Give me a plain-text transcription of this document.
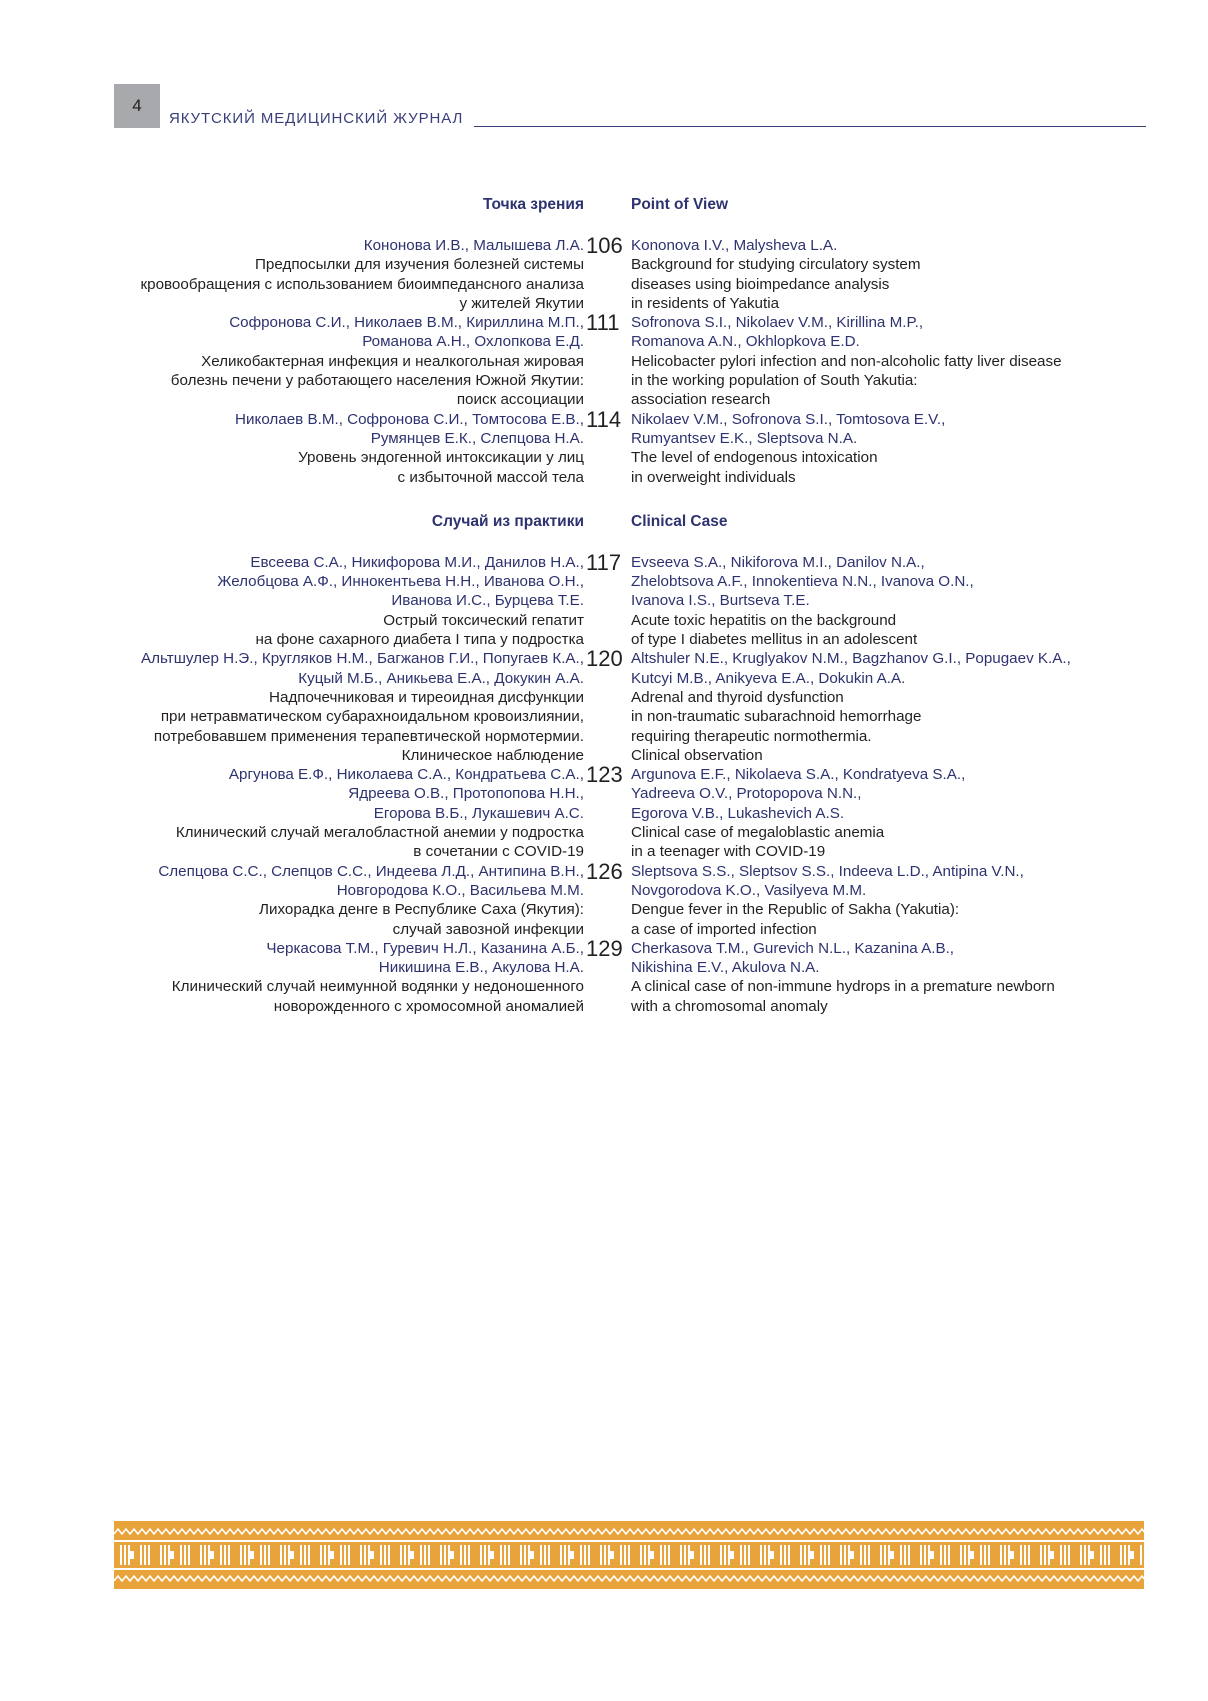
4
ЯКУТСКИЙ МЕДИЦИНСКИЙ ЖУРНАЛ
Точка зрения	Point of View
Кононова И.В., Малышева Л.А.
Предпосылки для изучения болезней системы
кровообращения с использованием биоимпедансного анализа
у жителей Якутии
106 Kononova I.V., Malysheva L.A.
Background for studying circulatory system
diseases using bioimpedance analysis
in residents of Yakutia
Софронова С.И., Николаев В.М., Кириллина М.П.,
Романова А.Н., Охлопкова Е.Д.
Хеликобактерная инфекция и неалкогольная жировая
болезнь печени у работающего населения Южной Якутии:
поиск ассоциации
111 Sofronova S.I., Nikolaev V.M., Kirillina M.P.,
Romanova A.N., Okhlopkova E.D.
Helicobacter pylori infection and non-alcoholic fatty liver disease
in the working population of South Yakutia:
association research
Николаев В.М., Софронова С.И., Томтосова Е.В.,
Румянцев Е.К., Слепцова Н.А.
Уровень эндогенной интоксикации у лиц
с избыточной массой тела
114 Nikolaev V.M., Sofronova S.I., Tomtosova E.V.,
Rumyantsev E.K., Sleptsova N.A.
The level of endogenous intoxication
in overweight individuals
Случай из практики	Clinical Case
Евсеева С.А., Никифорова М.И., Данилов Н.А.,
Желобцова А.Ф., Иннокентьева Н.Н., Иванова О.Н.,
Иванова И.С., Бурцева Т.Е.
Острый токсический гепатит
на фоне сахарного диабета I типа у подростка
117 Evseeva S.A., Nikiforova M.I., Danilov N.A.,
Zhelobtsova A.F., Innokentieva N.N., Ivanova O.N.,
Ivanova I.S., Burtseva T.E.
Acute toxic hepatitis on the background
of type I diabetes mellitus in an adolescent
Альтшулер Н.Э., Кругляков Н.М., Багжанов Г.И., Попугаев К.А.,
Куцый М.Б., Аникьева Е.А., Докукин А.А.
Надпочечниковая и тиреоидная дисфункции
при нетравматическом субарахноидальном кровоизлиянии,
потребовавшем применения терапевтической нормотермии.
Клиническое наблюдение
120 Altshuler N.E., Kruglyakov N.M., Bagzhanov G.I., Popugaev K.A.,
Kutcyi M.B., Anikyeva E.A., Dokukin A.A.
Adrenal and thyroid dysfunction
in non-traumatic subarachnoid hemorrhage
requiring therapeutic normothermia.
Clinical observation
Аргунова Е.Ф., Николаева С.А., Кондратьева С.А.,
Ядреева О.В., Протопопова Н.Н.,
Егорова В.Б., Лукашевич А.С.
Клинический случай мегалобластной анемии у подростка
в сочетании с COVID-19
123 Argunova E.F., Nikolaeva S.A., Kondratyeva S.A.,
Yadreeva O.V., Protopopova N.N.,
Egorova V.B., Lukashevich A.S.
Clinical case of megaloblastic anemia
in a teenager with COVID-19
Слепцова С.С., Слепцов С.С., Индеева Л.Д., Антипина В.Н.,
Новгородова К.О., Васильева М.М.
Лихорадка денге в Республике Саха (Якутия):
случай завозной инфекции
126 Sleptsova S.S., Sleptsov S.S., Indeeva L.D., Antipina V.N.,
Novgorodova K.O., Vasilyeva M.M.
Dengue fever in the Republic of Sakha (Yakutia):
a case of imported infection
Черкасова Т.М., Гуревич Н.Л., Казанина А.Б.,
Никишина Е.В., Акулова Н.А.
Клинический случай неимунной водянки у недоношенного
новорожденного с хромосомной аномалией
129 Cherkasova T.M., Gurevich N.L., Kazanina A.B.,
Nikishina E.V., Akulova N.A.
A clinical case of non-immune hydrops in a premature newborn
with a chromosomal anomaly
